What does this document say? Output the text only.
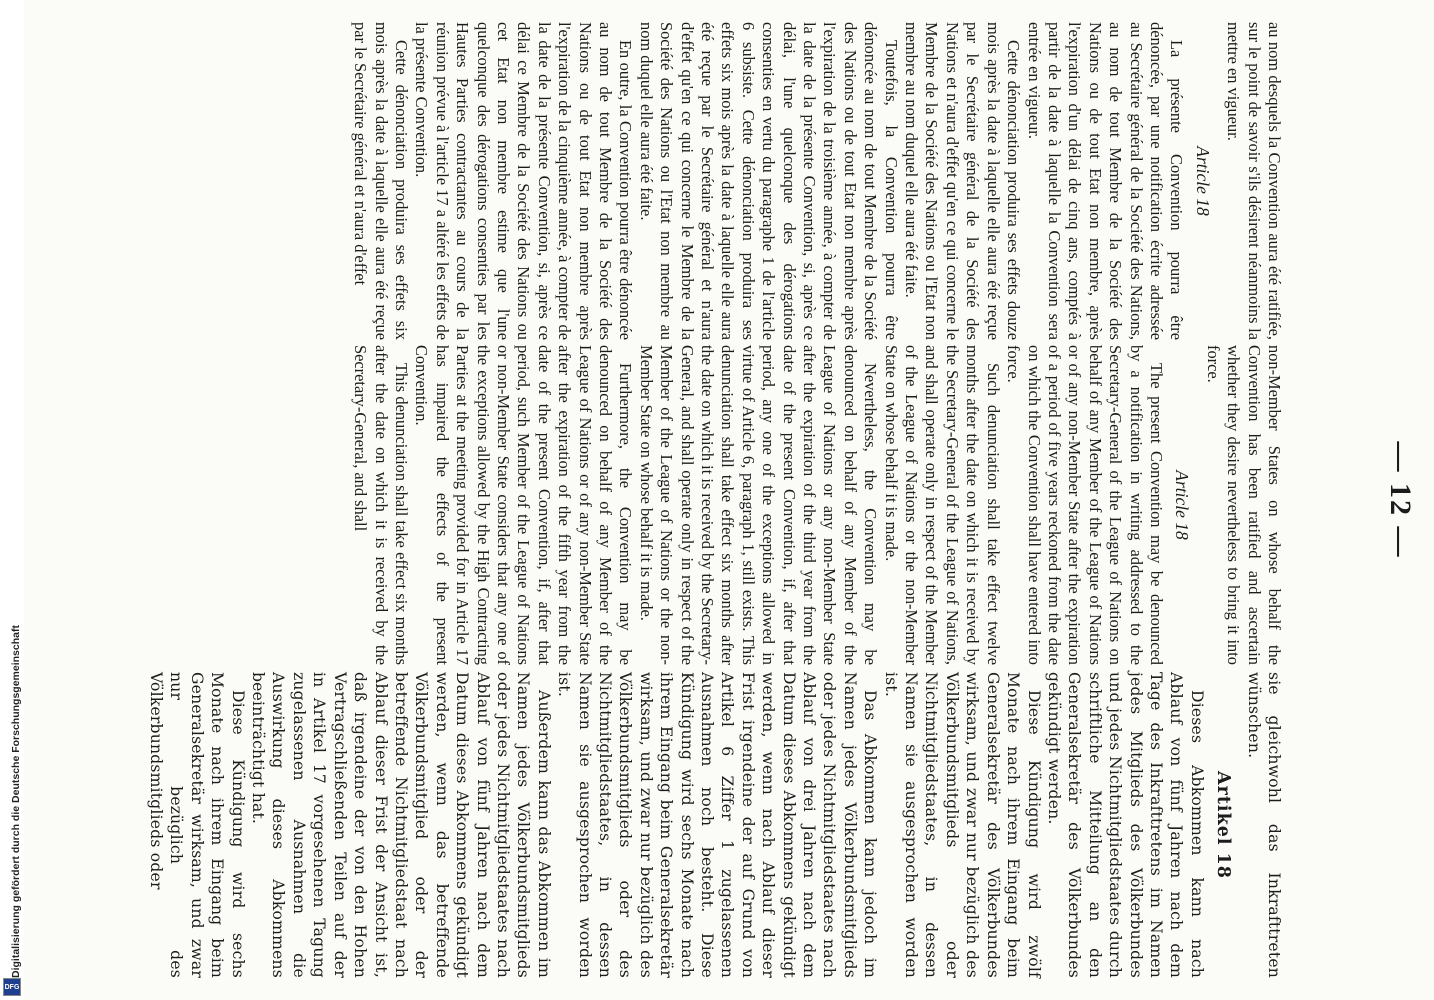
— 12 —

au nom desquels la Convention aura été ratifiée, sur le point de savoir s'ils désirent néanmoins la mettre en vigueur.

Article 18

La présente Convention pourra être dénoncée, par une notification écrite adressée au Secrétaire général de la Société des Nations, au nom de tout Membre de la Société des Nations ou de tout Etat non membre, après l'expiration d'un délai de cinq ans, comptés à partir de la date à laquelle la Convention sera entrée en vigueur.

Cette dénonciation produira ses effets douze mois après la date à laquelle elle aura été reçue par le Secrétaire général de la Société des Nations et n'aura d'effet qu'en ce qui concerne le Membre de la Société des Nations ou l'Etat non membre au nom duquel elle aura été faite.

Toutefois, la Convention pourra être dénoncée au nom de tout Membre de la Société des Nations ou de tout Etat non membre après l'expiration de la troisième année, à compter de la date de la présente Convention, si, après ce délai, l'une quelconque des dérogations consenties en vertu du paragraphe 1 de l'article 6 subsiste. Cette dénonciation produira ses effets six mois après la date à laquelle elle aura été reçue par le Secrétaire général et n'aura d'effet qu'en ce qui concerne le Membre de la Société des Nations ou l'Etat non membre au nom duquel elle aura été faite.

En outre, la Convention pourra être dénoncée au nom de tout Membre de la Société des Nations ou de tout Etat non membre après l'expiration de la cinquième année, à compter de la date de la présente Convention, si, après ce délai ce Membre de la Société des Nations ou cet Etat non membre estime que l'une quelconque des dérogations consenties par les Hautes Parties contractantes au cours de la réunion prévue à l'article 17 a altéré les effets de la présente Convention.

Cette dénonciation produira ses effets six mois après la date à laquelle elle aura été reçue par le Secrétaire général et n'aura d'effet

non-Member States on whose behalf the Convention has been ratified and ascertain whether they desire nevertheless to bring it into force.

Article 18

The present Convention may be denounced by a notification in writing addressed to the Secretary-General of the League of Nations on behalf of any Member of the League of Nations or of any non-Member State after the expiration of a period of five years reckoned from the date on which the Convention shall have entered into force.

Such denunciation shall take effect twelve months after the date on which it is received by the Secretary-General of the League of Nations, and shall operate only in respect of the Member of the League of Nations or the non-Member State on whose behalf it is made.

Nevertheless, the Convention may be denounced on behalf of any Member of the League of Nations or any non-Member State after the expiration of the third year from the date of the present Convention, if, after that period, any one of the exceptions allowed in virtue of Article 6, paragraph 1, still exists. This denunciation shall take effect six months after the date on which it is received by the Secretary-General, and shall operate only in respect of the Member of the League of Nations or the non-Member State on whose behalf it is made.

Furthermore, the Convention may be denounced on behalf of any Member of the League of Nations or of any non-Member State after the expiration of the fifth year from the date of the present Convention, if, after that period, such Member of the League of Nations or non-Member State considers that any one of the exceptions allowed by the High Contracting Parties at the meeting provided for in Article 17 has impaired the effects of the present Convention.

This denunciation shall take effect six months after the date on which it is received by the Secretary-General, and shall

sie gleichwohl das Inkrafttreten wünschen.

Artikel 18

Dieses Abkommen kann nach Ablauf von fünf Jahren nach dem Tage des Inkrafttretens im Namen jedes Mitglieds des Völkerbundes und jedes Nichtmitgliedstaates durch schriftliche Mitteilung an den Generalsekretär des Völkerbundes gekündigt werden.

Diese Kündigung wird zwölf Monate nach ihrem Eingang beim Generalsekretär des Völkerbundes wirksam, und zwar nur bezüglich des Völkerbundsmitglieds oder Nichtmitgliedstaates, in dessen Namen sie ausgesprochen worden ist.

Das Abkommen kann jedoch im Namen jedes Völkerbundsmitglieds oder jedes Nichtmitgliedstaates nach Ablauf von drei Jahren nach dem Datum dieses Abkommens gekündigt werden, wenn nach Ablauf dieser Frist irgendeine der auf Grund von Artikel 6 Ziffer 1 zugelassenen Ausnahmen noch besteht. Diese Kündigung wird sechs Monate nach ihrem Eingang beim Generalsekretär wirksam, und zwar nur bezüglich des Völkerbundsmitglieds oder des Nichtmitgliedstaates, in dessen Namen sie ausgesprochen worden ist.

Außerdem kann das Abkommen im Namen jedes Völkerbundsmitglieds oder jedes Nichtmitgliedstaates nach Ablauf von fünf Jahren nach dem Datum dieses Abkommens gekündigt werden, wenn das betreffende Völkerbundsmitglied oder der betreffende Nichtmitgliedstaat nach Ablauf dieser Frist der Ansicht ist, daß irgendeine der von den Hohen Vertragschließenden Teilen auf der in Artikel 17 vorgesehenen Tagung zugelassenen Ausnahmen die Auswirkung dieses Abkommens beeinträchtigt hat.

Diese Kündigung wird sechs Monate nach ihrem Eingang beim Generalsekretär wirksam, und zwar nur bezüglich des Völkerbundsmitglieds oder

Digitalisierung gefördert durch die Deutsche Forschungsgemeinschaft
DFG
